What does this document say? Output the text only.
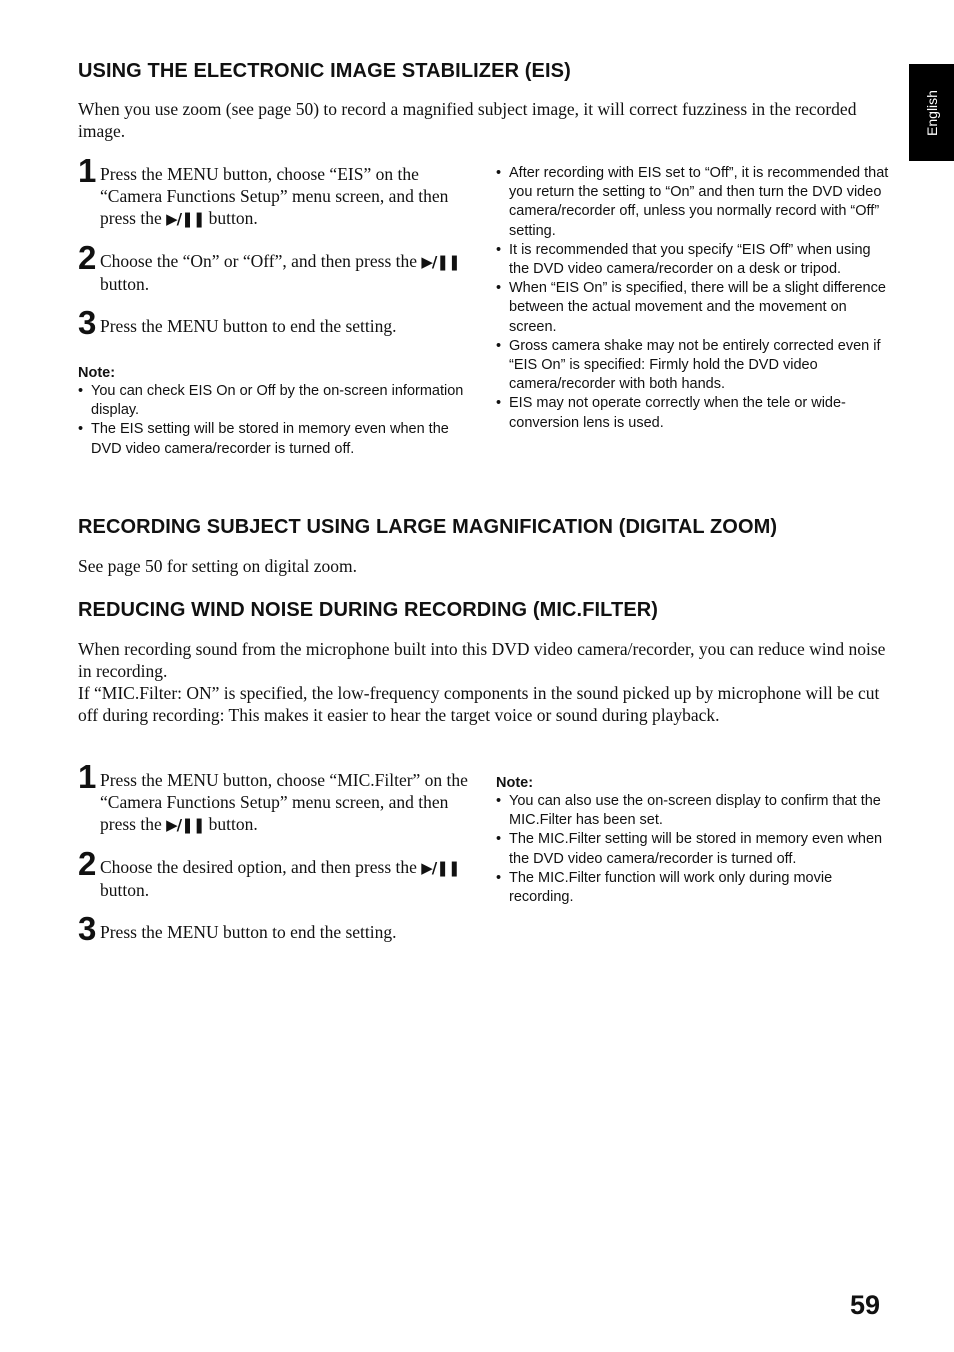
English
USING THE ELECTRONIC IMAGE STABILIZER (EIS)

When you use zoom (see page 50) to record a magnified subject image, it will correct fuzziness in the recorded image.

1 Press the MENU button, choose “EIS” on the “Camera Functions Setup” menu screen, and then press the ▶/❚❚ button.
2 Choose the “On” or “Off”, and then press the ▶/❚❚ button.
3 Press the MENU button to end the setting.
Note:
• You can check EIS On or Off by the on-screen information display.
• The EIS setting will be stored in memory even when the DVD video camera/recorder is turned off.
• After recording with EIS set to “Off”, it is recommended that you return the setting to “On” and then turn the DVD video camera/recorder off, unless you normally record with “Off” setting.
• It is recommended that you specify “EIS Off” when using the DVD video camera/recorder on a desk or tripod.
• When “EIS On” is specified, there will be a slight difference between the actual movement and the movement on screen.
• Gross camera shake may not be entirely corrected even if “EIS On” is specified: Firmly hold the DVD video camera/recorder with both hands.
• EIS may not operate correctly when the tele or wide-conversion lens is used.
RECORDING SUBJECT USING LARGE MAGNIFICATION (DIGITAL ZOOM)

See page 50 for setting on digital zoom.

REDUCING WIND NOISE DURING RECORDING (MIC.FILTER)

When recording sound from the microphone built into this DVD video camera/recorder, you can reduce wind noise in recording.

If “MIC.Filter: ON” is specified, the low-frequency components in the sound picked up by microphone will be cut off during recording: This makes it easier to hear the target voice or sound during playback.

1 Press the MENU button, choose “MIC.Filter” on the “Camera Functions Setup” menu screen, and then press the ▶/❚❚ button.
2 Choose the desired option, and then press the ▶/❚❚ button.
3 Press the MENU button to end the setting.
Note:
• You can also use the on-screen display to confirm that the MIC.Filter has been set.
• The MIC.Filter setting will be stored in memory even when the DVD video camera/recorder is turned off.
• The MIC.Filter function will work only during movie recording.
59
